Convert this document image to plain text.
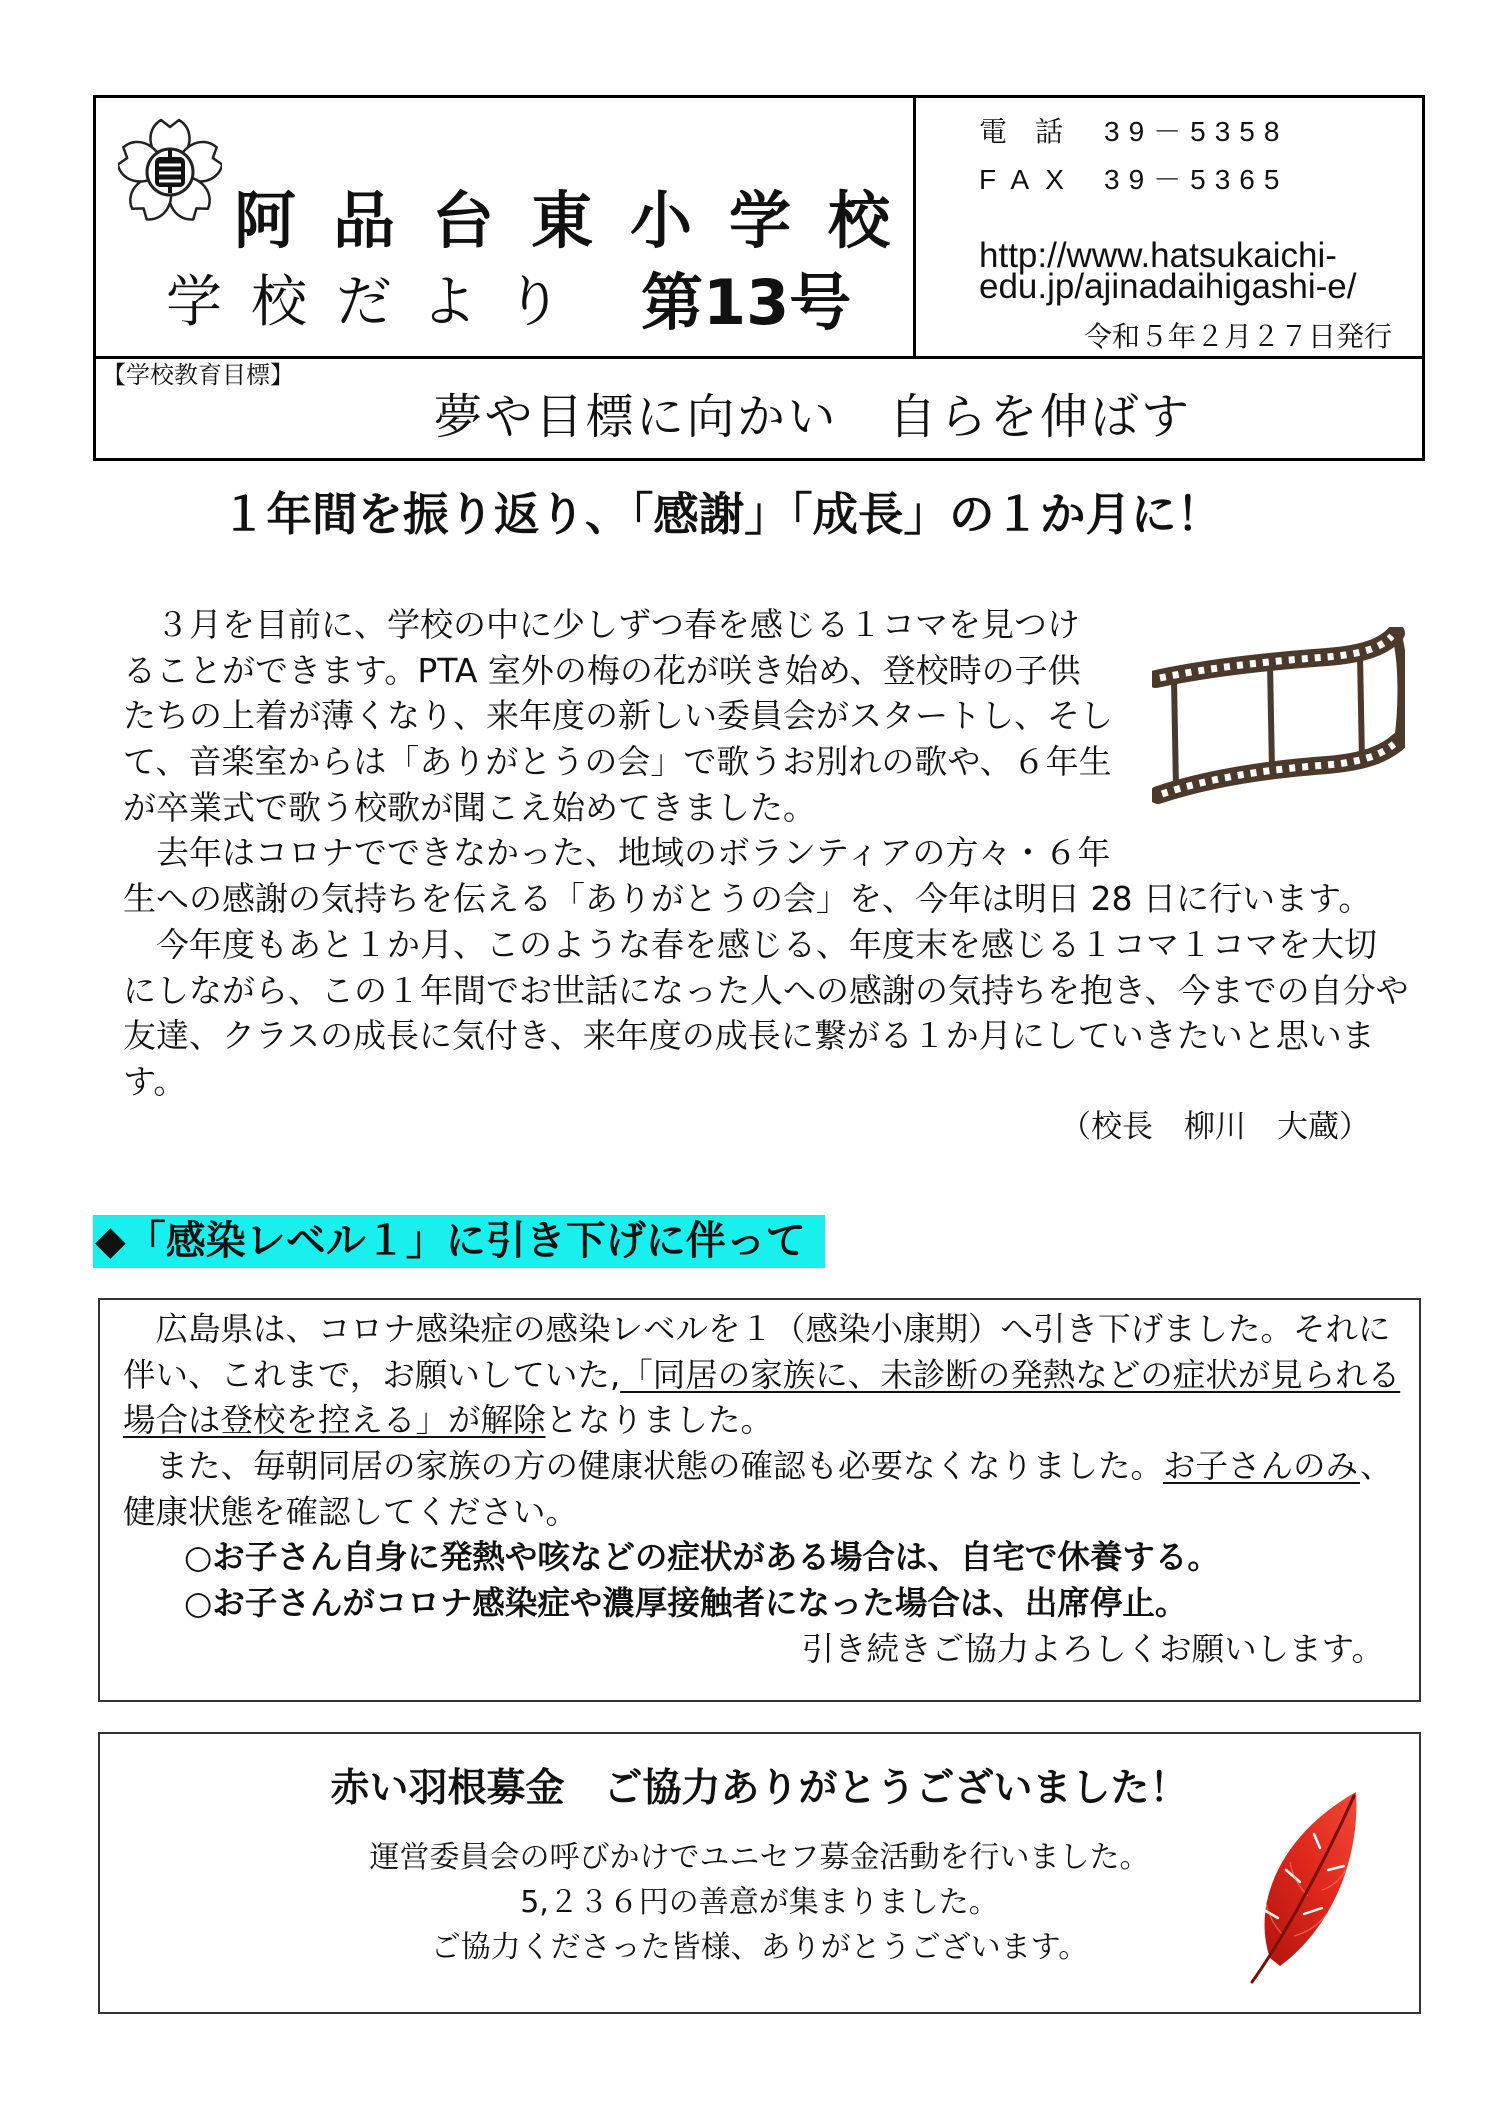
阿品台東小学校
学校だより 第13号
電　話 39－5358
FAX 39－5365
http://www.hatsukaichi-
edu.jp/ajinadaihigashi-e/
令和５年２月２７日発行
【学校教育目標】
夢や目標に向かい　自らを伸ばす
１年間を振り返り、「感謝」「成長」の１か月に！
　３月を目前に、学校の中に少しずつ春を感じる１コマを見つけ
ることができます。PTA 室外の梅の花が咲き始め、登校時の子供
たちの上着が薄くなり、来年度の新しい委員会がスタートし、そし
て、音楽室からは「ありがとうの会」で歌うお別れの歌や、６年生
が卒業式で歌う校歌が聞こえ始めてきました。
　去年はコロナでできなかった、地域のボランティアの方々・６年
生への感謝の気持ちを伝える「ありがとうの会」を、今年は明日 28 日に行います。
　今年度もあと１か月、このような春を感じる、年度末を感じる１コマ１コマを大切
にしながら、この１年間でお世話になった人への感謝の気持ちを抱き、今までの自分や
友達、クラスの成長に気付き、来年度の成長に繋がる１か月にしていきたいと思いま
す。
（校長　柳川　大蔵）
◆「感染レベル１」に引き下げに伴って
　広島県は、コロナ感染症の感染レベルを１（感染小康期）へ引き下げました。それに
伴い、これまで，お願いしていた,「同居の家族に、未診断の発熱などの症状が見られる
場合は登校を控える」が解除となりました。
　また、毎朝同居の家族の方の健康状態の確認も必要なくなりました。お子さんのみ、
健康状態を確認してください。
○お子さん自身に発熱や咳などの症状がある場合は、自宅で休養する。
○お子さんがコロナ感染症や濃厚接触者になった場合は、出席停止。
引き続きご協力よろしくお願いします。
赤い羽根募金　ご協力ありがとうございました！
運営委員会の呼びかけでユニセフ募金活動を行いました。
5,２３６円の善意が集まりました。
ご協力くださった皆様、ありがとうございます。
